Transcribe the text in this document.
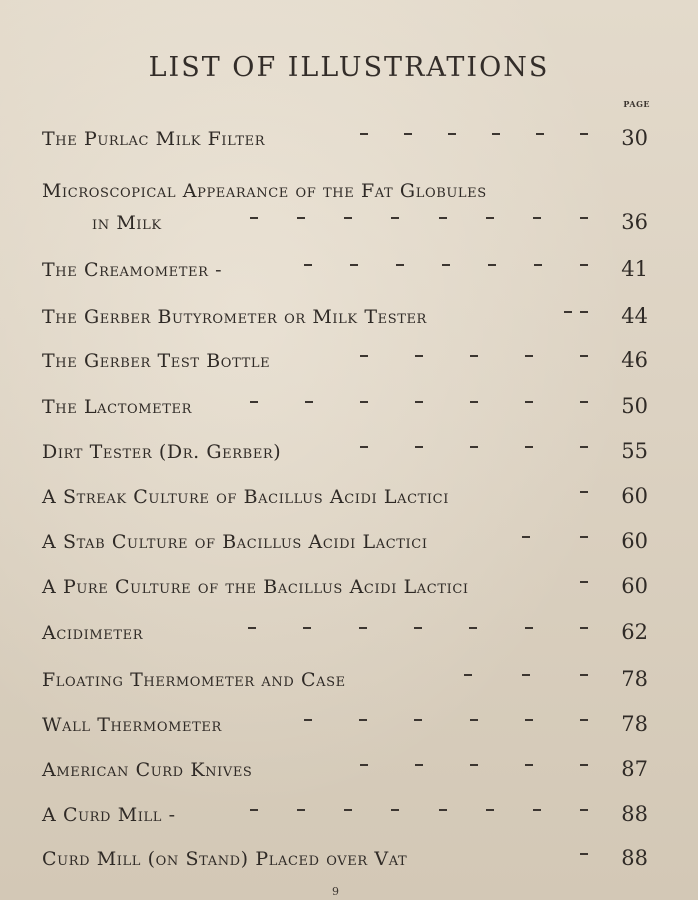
LIST OF ILLUSTRATIONS
PAGE
The Purlac Milk Filter	30
Microscopical Appearance of the Fat Globules
in Milk	36
The Creamometer -	41
The Gerber Butyrometer or Milk Tester	44
The Gerber Test Bottle	46
The Lactometer	50
Dirt Tester (Dr. Gerber)	55
A Streak Culture of Bacillus Acidi Lactici	60
A Stab Culture of Bacillus Acidi Lactici	60
A Pure Culture of the Bacillus Acidi Lactici	60
Acidimeter	62
Floating Thermometer and Case	78
Wall Thermometer	78
American Curd Knives	87
A Curd Mill -	88
Curd Mill (on Stand) Placed over Vat	88
9
